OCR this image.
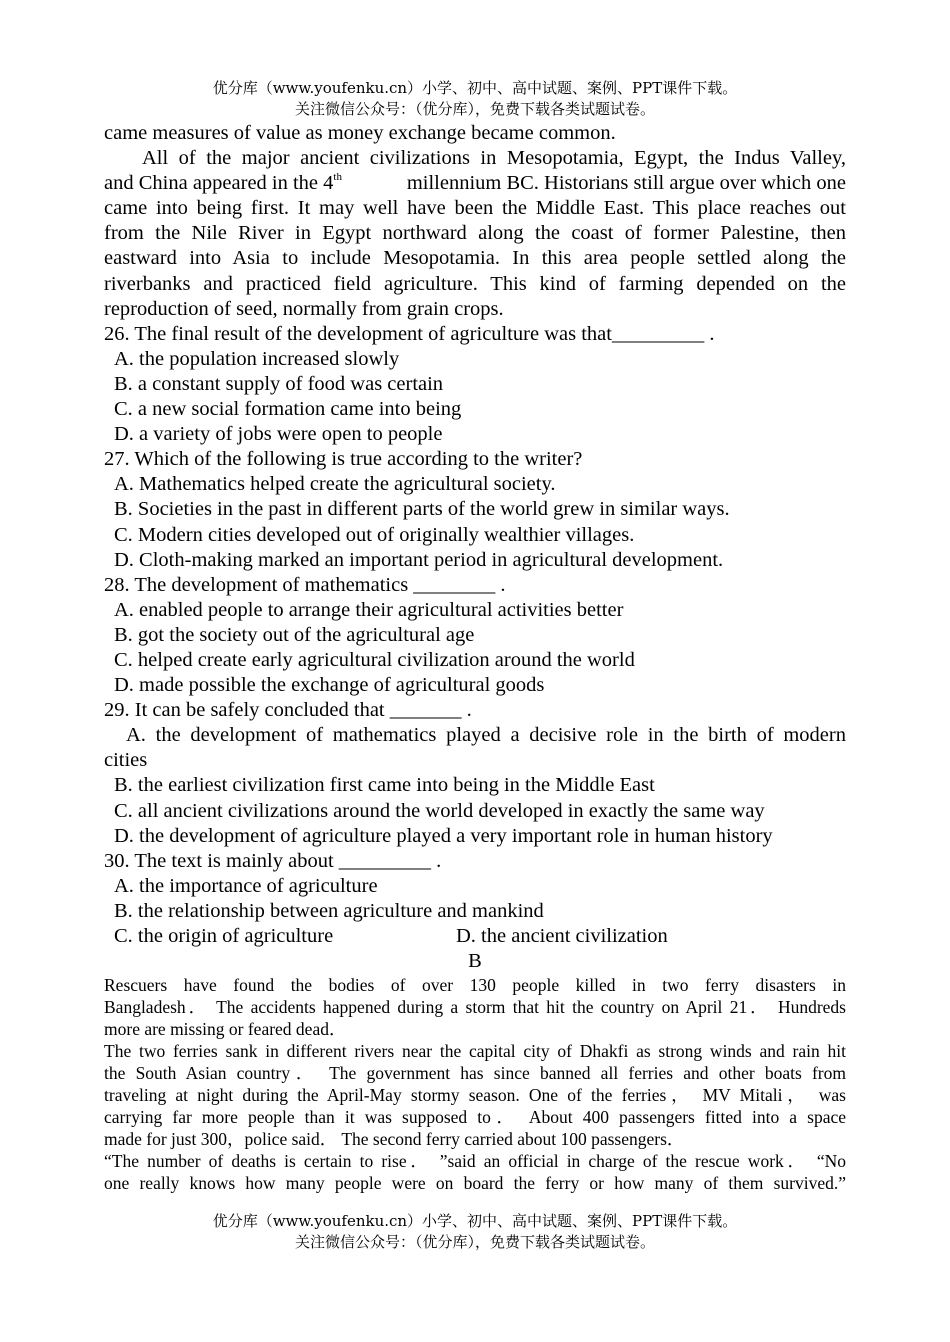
优分库（www.youfenku.cn）小学、初中、高中试题、案例、PPT课件下载。
关注微信公众号：（优分库），免费下载各类试题试卷。
came measures of value as money exchange became common.
All of the major ancient civilizations in Mesopotamia, Egypt, the Indus Valley,
and China appeared in the 4th	millennium BC. Historians still argue over which one
came into being first. It may well have been the Middle East. This place reaches out
from the Nile River in Egypt northward along the coast of former Palestine, then
eastward into Asia to include Mesopotamia. In this area people settled along the
riverbanks and practiced field agriculture. This kind of farming depended on the
reproduction of seed, normally from grain crops.
26. The final result of the development of agriculture was that_________ .
A. the population increased slowly
B. a constant supply of food was certain
C. a new social formation came into being
D. a variety of jobs were open to people
27. Which of the following is true according to the writer?
A. Mathematics helped create the agricultural society.
B. Societies in the past in different parts of the world grew in similar ways.
C. Modern cities developed out of originally wealthier villages.
D. Cloth-making marked an important period in agricultural development.
28. The development of mathematics ________ .
A. enabled people to arrange their agricultural activities better
B. got the society out of the agricultural age
C. helped create early agricultural civilization around the world
D. made possible the exchange of agricultural goods
29. It can be safely concluded that _______ .
A. the development of mathematics played a decisive role in the birth of modern
cities
B. the earliest civilization first came into being in the Middle East
C. all ancient civilizations around the world developed in exactly the same way
D. the development of agriculture played a very important role in human history
30. The text is mainly about _________ .
A. the importance of agriculture
B. the relationship between agriculture and mankind
C. the origin of agriculture	D. the ancient civilization
B
Rescuers have found the bodies of over 130 people killed in two ferry disasters in
Bangladesh． The accidents happened during a storm that hit the country on April 21． Hundreds
more are missing or feared dead．
The two ferries sank in different rivers near the capital city of Dhakfi as strong winds and rain hit
the South Asian country． The government has since banned all ferries and other boats from
traveling at night during the April-May stormy season. One of the ferries， MV Mitali， was
carrying far more people than it was supposed to． About 400 passengers fitted into a space
made for just 300，police said． The second ferry carried about 100 passengers．
“The number of deaths is certain to rise． ”said an official in charge of the rescue work． “No
one really knows how many people were on board the ferry or how many of them survived.”
优分库（www.youfenku.cn）小学、初中、高中试题、案例、PPT课件下载。
关注微信公众号：（优分库），免费下载各类试题试卷。
